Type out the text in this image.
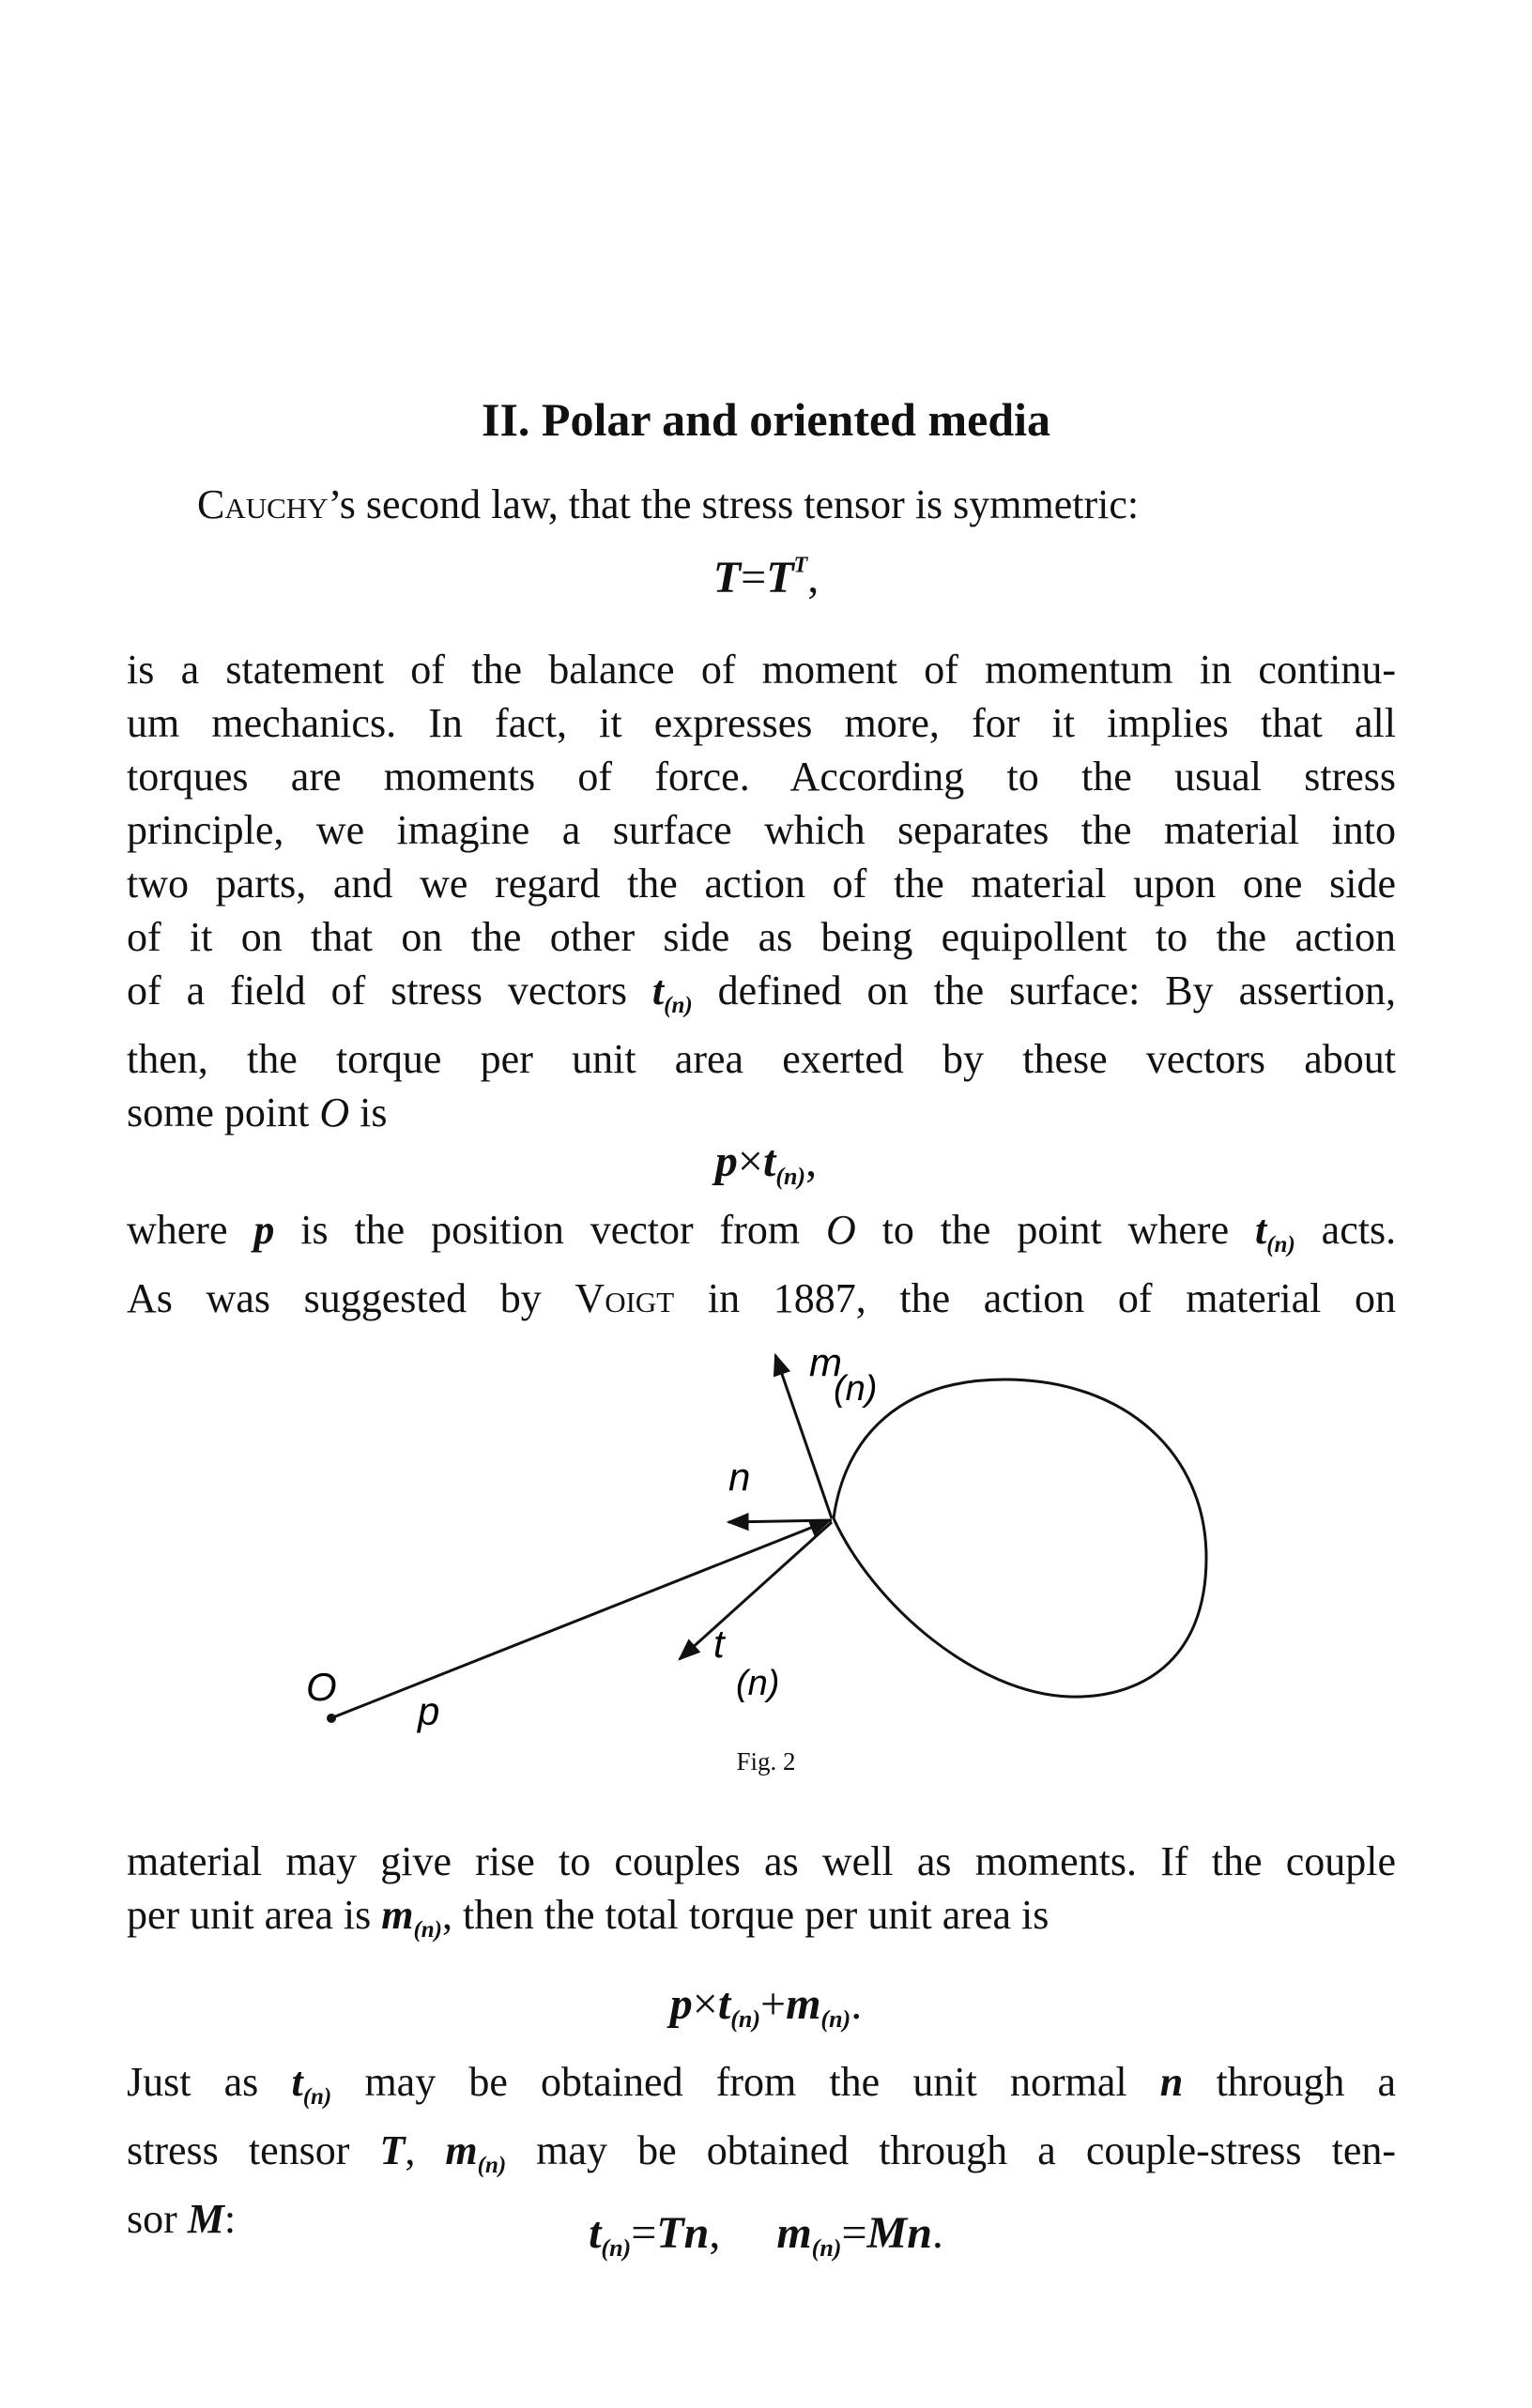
II. Polar and oriented media
Cauchy’s second law, that the stress tensor is symmetric:
$T=T^T$,
is a statement of the balance of moment of momentum in continu-
um mechanics. In fact, it expresses more, for it implies that all
torques are moments of force. According to the usual stress
principle, we imagine a surface which separates the material into
two parts, and we regard the action of the material upon one side
of it on that on the other side as being equipollent to the action
of a field of stress vectors $t_{(n)}$ defined on the surface: By assertion,
then, the torque per unit area exerted by these vectors about
some point O is
$p\times t_{(n)}$,
where p is the position vector from O to the point where $t_{(n)}$ acts.
As was suggested by Voigt in 1887, the action of material on
O
p
n
m
(n)
t
(n)
Fig. 2
material may give rise to couples as well as moments. If the couple
per unit area is $m_{(n)}$, then the total torque per unit area is
$p\times t_{(n)}+m_{(n)}$.
Just as $t_{(n)}$ may be obtained from the unit normal n through a
stress tensor T, $m_{(n)}$ may be obtained through a couple-stress ten-
sor M:	$t_{(n)}=Tn$, $m_{(n)}=Mn$.
